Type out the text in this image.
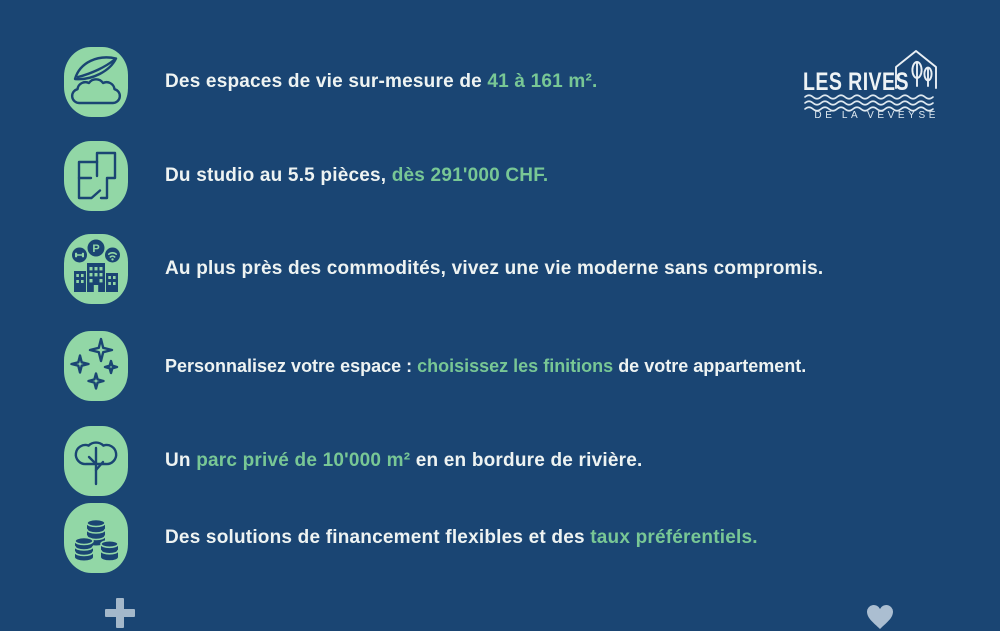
LES RIVES
DE LA VEVEYSE
Des espaces de vie sur-mesure de 41 à 161 m².
Du studio au 5.5 pièces, dès 291'000 CHF.
P
Au plus près des commodités, vivez une vie moderne sans compromis.
Personnalisez votre espace : choisissez les finitions de votre appartement.
Un parc privé de 10'000 m² en en bordure de rivière.
Des solutions de financement flexibles et des taux préférentiels.
